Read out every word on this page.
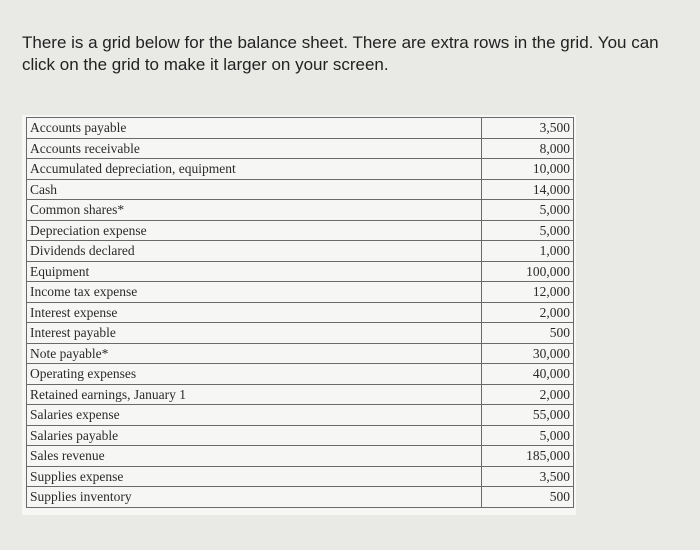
There is a grid below for the balance sheet. There are extra rows in the grid. You can click on the grid to make it larger on your screen.
Accounts payable	3,500
Accounts receivable	8,000
Accumulated depreciation, equipment	10,000
Cash	14,000
Common shares*	5,000
Depreciation expense	5,000
Dividends declared	1,000
Equipment	100,000
Income tax expense	12,000
Interest expense	2,000
Interest payable	500
Note payable*	30,000
Operating expenses	40,000
Retained earnings, January 1	2,000
Salaries expense	55,000
Salaries payable	5,000
Sales revenue	185,000
Supplies expense	3,500
Supplies inventory	500
